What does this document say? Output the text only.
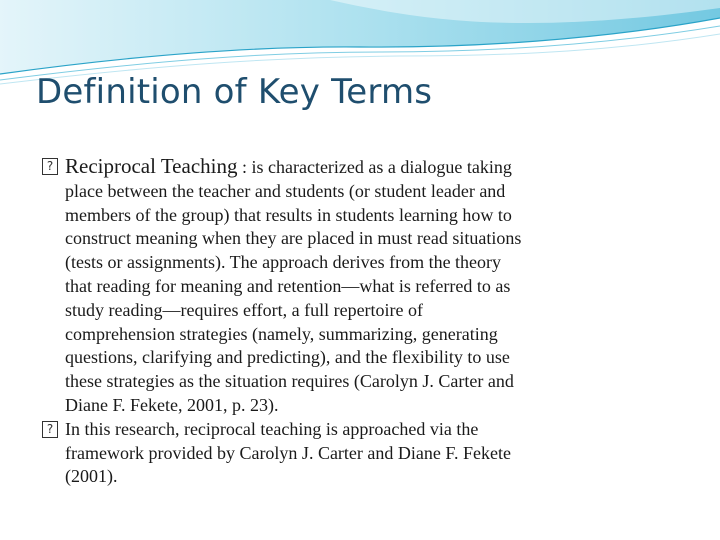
Definition of Key Terms
? Reciprocal Teaching : is characterized as a dialogue taking
place between the teacher and students (or student leader and
members of the group) that results in students learning how to
construct meaning when they are placed in must read situations
(tests or assignments). The approach derives from the theory
that reading for meaning and retention—what is referred to as
study reading—requires effort, a full repertoire of
comprehension strategies (namely, summarizing, generating
questions, clarifying and predicting), and the flexibility to use
these strategies as the situation requires (Carolyn J. Carter and
Diane F. Fekete, 2001, p. 23).
? In this research, reciprocal teaching is approached via the
framework provided by Carolyn J. Carter and Diane F. Fekete
(2001).
